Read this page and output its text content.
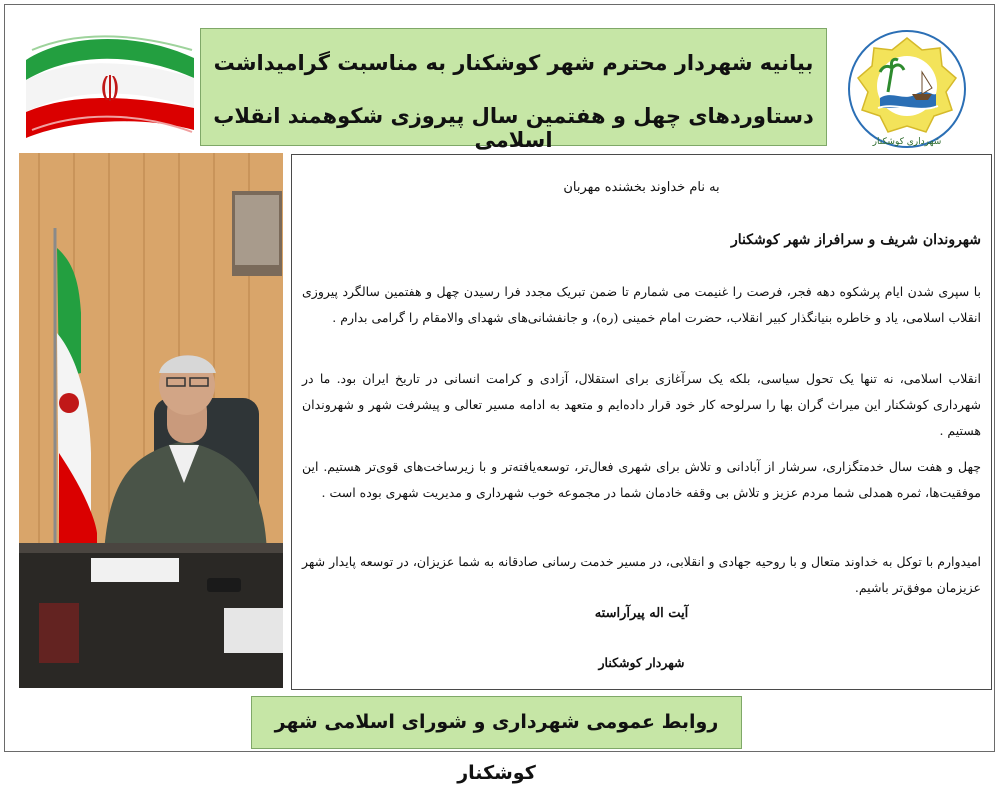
بیانیه شهردار محترم شهر کوشکنار به مناسبت گرامیداشت
دستاوردهای چهل و هفتمین سال پیروزی شکوهمند انقلاب اسلامی	شهرداری کوشکنار
به نام خداوند بخشنده مهربان
شهروندان شریف و سرافراز شهر کوشکنار
با سپری شدن ایام پرشکوه دهه فجر، فرصت را غنیمت می شمارم تا ضمن تبریک مجدد فرا رسیدن چهل و هفتمین سالگرد پیروزی انقلاب اسلامی، یاد و خاطره بنیانگذار کبیر انقلاب، حضرت امام خمینی (ره)، و جانفشانی‌های شهدای والامقام را گرامی بدارم .
انقلاب اسلامی، نه تنها یک تحول سیاسی، بلکه یک سرآغازی برای استقلال، آزادی و کرامت انسانی در تاریخ ایران بود. ما در شهرداری کوشکنار این میراث گران بها را سرلوحه کار خود قرار داده‌ایم و متعهد به ادامه مسیر تعالی و پیشرفت شهر و شهروندان هستیم .
چهل و هفت سال خدمتگزاری، سرشار از آبادانی و تلاش برای شهری فعال‌تر، توسعه‌یافته‌تر و با زیرساخت‌های قوی‌تر هستیم. این موفقیت‌ها، ثمره همدلی شما مردم عزیز و تلاش بی وقفه خادمان شما در مجموعه خوب شهرداری و مدیریت شهری بوده است .
امیدوارم با توکل به خداوند متعال و با روحیه جهادی و انقلابی، در مسیر خدمت رسانی صادقانه به شما عزیزان، در توسعه پایدار شهر عزیزمان موفق‌تر باشیم.
آیت اله پیرآراسته
شهردار کوشکنار
روابط عمومی شهرداری و شورای اسلامی شهر کوشکنار
